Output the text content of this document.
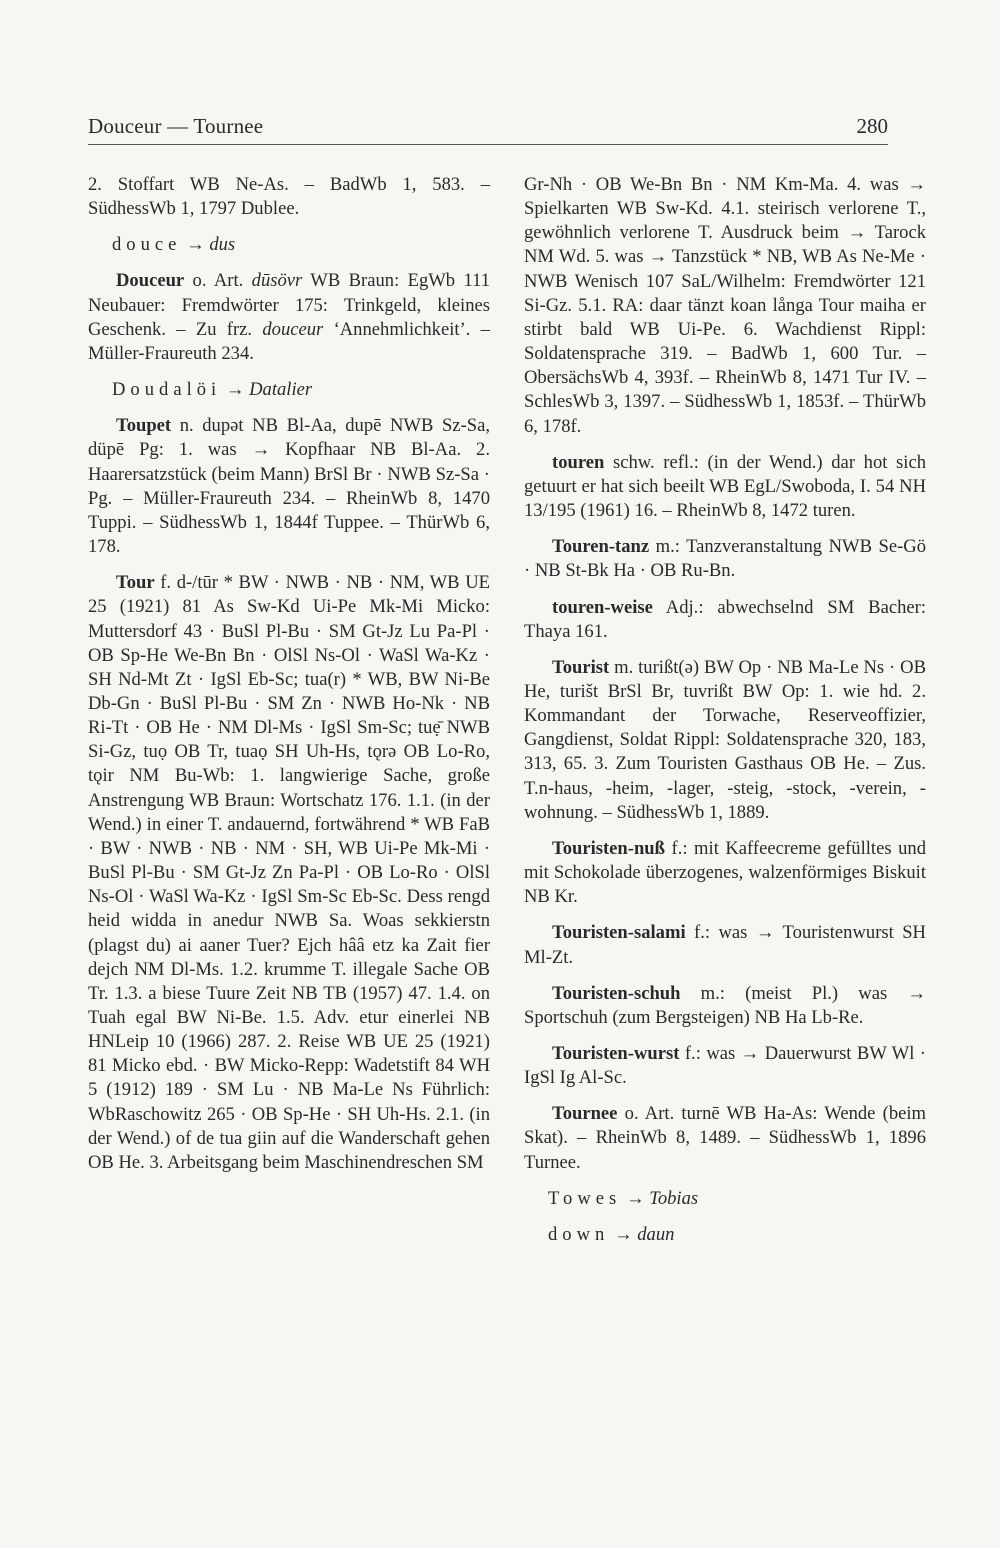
Douceur — Tournee	280

2. Stoffart WB Ne-As. – BadWb 1, 583. – SüdhessWb 1, 1797 Dublee.

douce → dus

Douceur o. Art. dūsövr WB Braun: EgWb 111 Neubauer: Fremdwörter 175: Trinkgeld, kleines Geschenk. – Zu frz. douceur ‘Annehmlichkeit’. – Müller-Fraureuth 234.

Doudalöi → Datalier

Toupet n. dupət NB Bl-Aa, dupē NWB Sz-Sa, düpē Pg: 1. was → Kopfhaar NB Bl-Aa. 2. Haarersatzstück (beim Mann) BrSl Br · NWB Sz-Sa · Pg. – Müller-Fraureuth 234. – RheinWb 8, 1470 Tuppi. – SüdhessWb 1, 1844f Tuppee. – ThürWb 6, 178.

Tour f. d-/tūr * BW · NWB · NB · NM, WB UE 25 (1921) 81 As Sw-Kd Ui-Pe Mk-Mi Micko: Muttersdorf 43 · BuSl Pl-Bu · SM Gt-Jz Lu Pa-Pl · OB Sp-He We-Bn Bn · OlSl Ns-Ol · WaSl Wa-Kz · SH Nd-Mt Zt · IgSl Eb-Sc; tua(r) * WB, BW Ni-Be Db-Gn · BuSl Pl-Bu · SM Zn · NWB Ho-Nk · NB Ri-Tt · OB He · NM Dl-Ms · IgSl Sm-Sc; tuẹ̄ NWB Si-Gz, tuọ OB Tr, tuaọ SH Uh-Hs, tǫrə OB Lo-Ro, tǫir NM Bu-Wb: 1. langwierige Sache, große Anstrengung WB Braun: Wortschatz 176. 1.1. (in der Wend.) in einer T. andauernd, fortwährend * WB FaB · BW · NWB · NB · NM · SH, WB Ui-Pe Mk-Mi · BuSl Pl-Bu · SM Gt-Jz Zn Pa-Pl · OB Lo-Ro · OlSl Ns-Ol · WaSl Wa-Kz · IgSl Sm-Sc Eb-Sc. Dess rengd heid widda in anedur NWB Sa. Woas sekkierstn (plagst du) ai aaner Tuer? Ejch hââ etz ka Zait fier dejch NM Dl-Ms. 1.2. krumme T. illegale Sache OB Tr. 1.3. a biese Tuure Zeit NB TB (1957) 47. 1.4. on Tuah egal BW Ni-Be. 1.5. Adv. etur einerlei NB HNLeip 10 (1966) 287. 2. Reise WB UE 25 (1921) 81 Micko ebd. · BW Micko-Repp: Wadetstift 84 WH 5 (1912) 189 · SM Lu · NB Ma-Le Ns Führlich: WbRaschowitz 265 · OB Sp-He · SH Uh-Hs. 2.1. (in der Wend.) of de tua giin auf die Wanderschaft gehen OB He. 3. Arbeitsgang beim Maschinendreschen SM

Gr-Nh · OB We-Bn Bn · NM Km-Ma. 4. was → Spielkarten WB Sw-Kd. 4.1. steirisch verlorene T., gewöhnlich verlorene T. Ausdruck beim → Tarock NM Wd. 5. was → Tanzstück * NB, WB As Ne-Me · NWB Wenisch 107 SaL/Wilhelm: Fremdwörter 121 Si-Gz. 5.1. RA: daar tänzt koan långa Tour maiha er stirbt bald WB Ui-Pe. 6. Wachdienst Rippl: Soldatensprache 319. – BadWb 1, 600 Tur. – ObersächsWb 4, 393f. – RheinWb 8, 1471 Tur IV. – SchlesWb 3, 1397. – SüdhessWb 1, 1853f. – ThürWb 6, 178f.

touren schw. refl.: (in der Wend.) dar hot sich getuurt er hat sich beeilt WB EgL/Swoboda, I. 54 NH 13/195 (1961) 16. – RheinWb 8, 1472 turen.

Touren-tanz m.: Tanzveranstaltung NWB Se-Gö · NB St-Bk Ha · OB Ru-Bn.

touren-weise Adj.: abwechselnd SM Bacher: Thaya 161.

Tourist m. turißt(ə) BW Op · NB Ma-Le Ns · OB He, turišt BrSl Br, tuvrißt BW Op: 1. wie hd. 2. Kommandant der Torwache, Reserveoffizier, Gangdienst, Soldat Rippl: Soldatensprache 320, 183, 313, 65. 3. Zum Touristen Gasthaus OB He. – Zus. T.n-haus, -heim, -lager, -steig, -stock, -verein, -wohnung. – SüdhessWb 1, 1889.

Touristen-nuß f.: mit Kaffeecreme gefülltes und mit Schokolade überzogenes, walzenförmiges Biskuit NB Kr.

Touristen-salami f.: was → Touristenwurst SH Ml-Zt.

Touristen-schuh m.: (meist Pl.) was → Sportschuh (zum Bergsteigen) NB Ha Lb-Re.

Touristen-wurst f.: was → Dauerwurst BW Wl · IgSl Ig Al-Sc.

Tournee o. Art. turnē WB Ha-As: Wende (beim Skat). – RheinWb 8, 1489. – SüdhessWb 1, 1896 Turnee.

Towes → Tobias

down → daun
